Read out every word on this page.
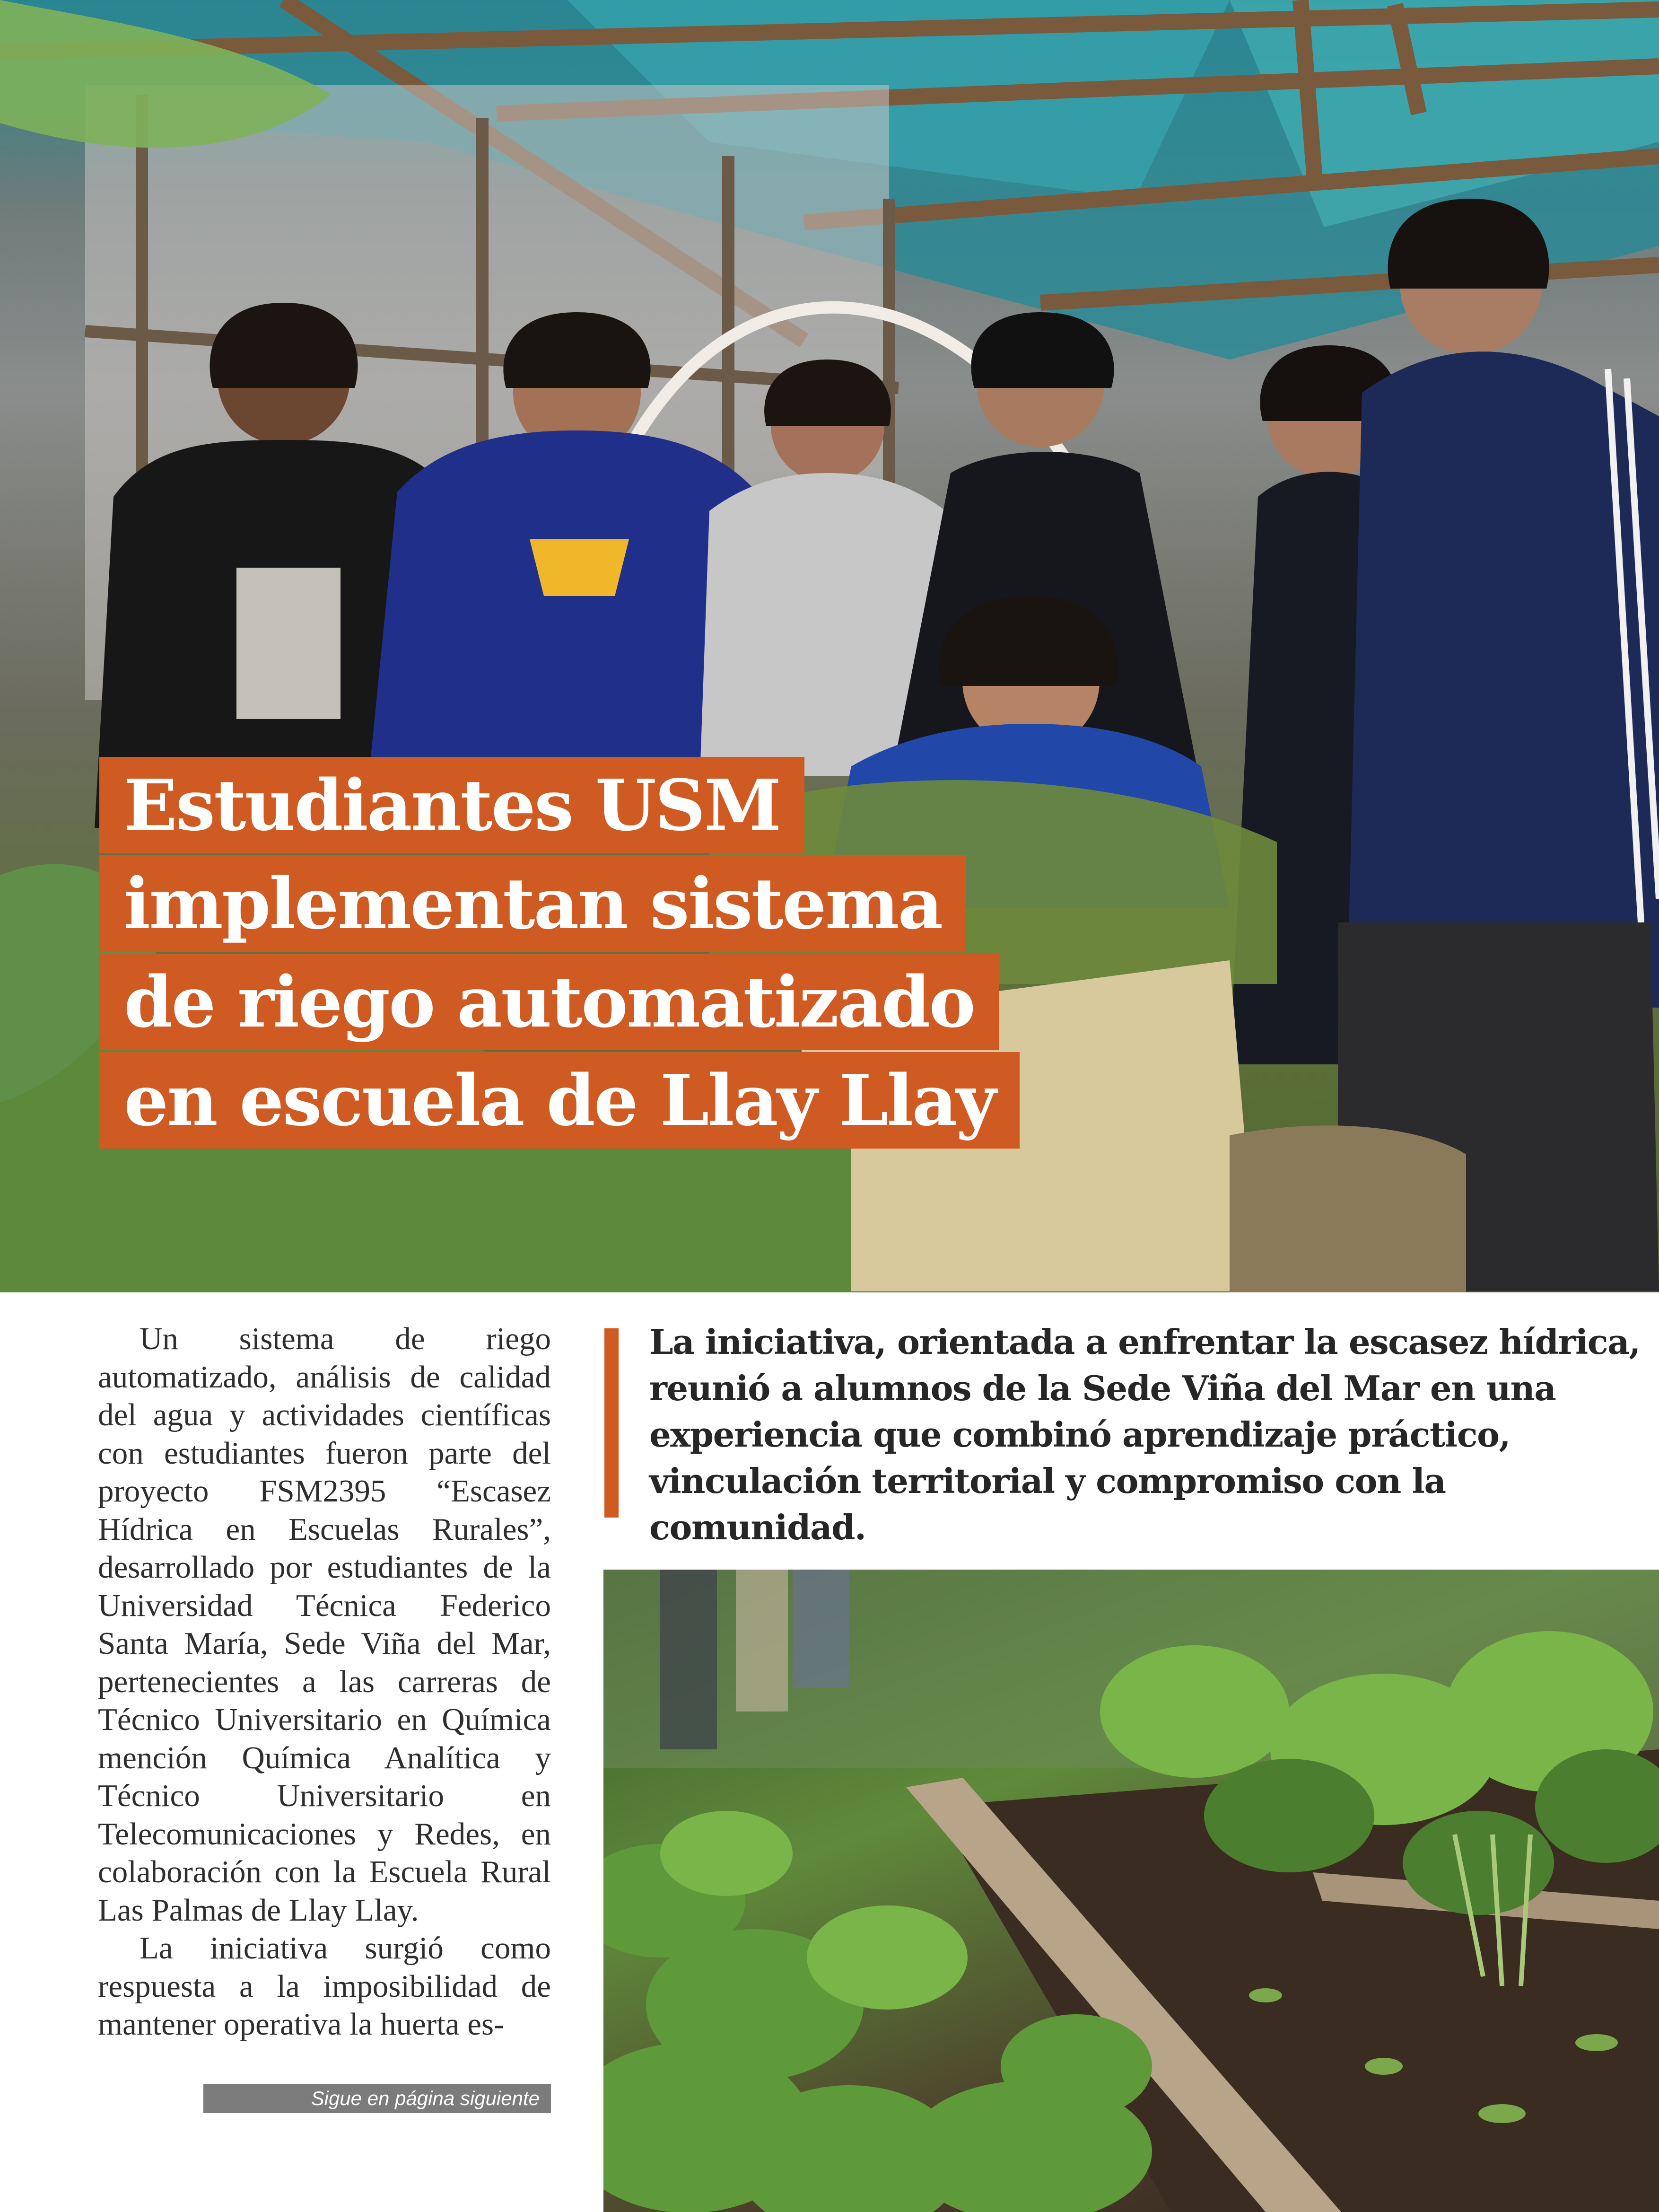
Estudiantes USM
implementan sistema
de riego automatizado
en escuela de Llay Llay

Un sistema de riego automatizado, análisis de calidad del agua y actividades científicas con estudiantes fueron parte del proyecto FSM2395 “Escasez Hídrica en Escuelas Rurales”, desarrollado por estudiantes de la Universidad Técnica Federico Santa María, Sede Viña del Mar, pertenecientes a las carreras de Técnico Universitario en Química mención Química Analítica y Técnico Universitario en Telecomunicaciones y Redes, en colaboración con la Escuela Rural Las Palmas de Llay Llay.

La iniciativa surgió como respuesta a la imposibilidad de mantener operativa la huerta es-

Sigue en página siguiente

La iniciativa, orientada a enfrentar la escasez hídrica, reunió a alumnos de la Sede Viña del Mar en una experiencia que combinó aprendizaje práctico, vinculación territorial y compromiso con la comunidad.
